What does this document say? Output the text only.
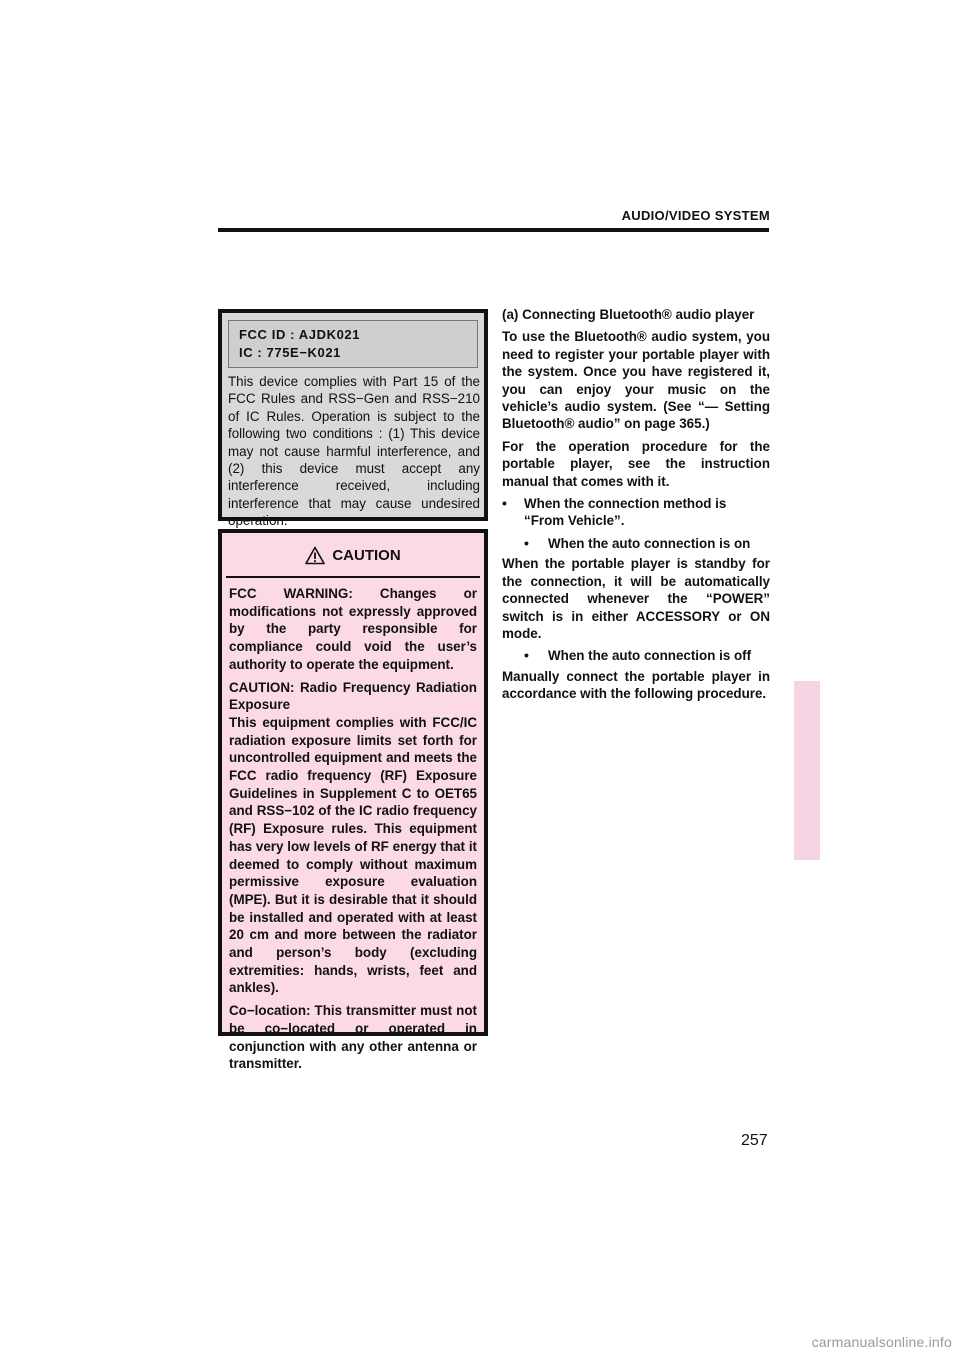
AUDIO/VIDEO SYSTEM
FCC ID : AJDK021
IC : 775E−K021
This device complies with Part 15 of the FCC Rules and RSS−Gen and RSS−210 of IC Rules. Operation is subject to the following two conditions : (1) This device may not cause harmful interference, and (2) this device must accept any interference received, including interference that may cause undesired operation.
CAUTION

FCC WARNING: Changes or modifications not expressly approved by the party responsible for compliance could void the user’s authority to operate the equipment.

CAUTION: Radio Frequency Radiation Exposure
This equipment complies with FCC/IC radiation exposure limits set forth for uncontrolled equipment and meets the FCC radio frequency (RF) Exposure Guidelines in Supplement C to OET65 and RSS−102 of the IC radio frequency (RF) Exposure rules. This equipment has very low levels of RF energy that it deemed to comply without maximum permissive exposure evaluation (MPE). But it is desirable that it should be installed and operated with at least 20 cm and more between the radiator and person’s body (excluding extremities: hands, wrists, feet and ankles).

Co−location: This transmitter must not be co−located or operated in conjunction with any other antenna or transmitter.

(a) Connecting Bluetooth® audio player

To use the Bluetooth® audio system, you need to register your portable player with the system. Once you have registered it, you can enjoy your music on the vehicle’s audio system. (See “— Setting Bluetooth® audio” on page 365.)

For the operation procedure for the portable player, see the instruction manual that comes with it.

•	When the connection method is “From Vehicle”.
•	When the auto connection is on

When the portable player is standby for the connection, it will be automatically connected whenever the “POWER” switch is in either ACCESSORY or ON mode.

•	When the auto connection is off

Manually connect the portable player in accordance with the following procedure.

257
carmanualsonline.info
